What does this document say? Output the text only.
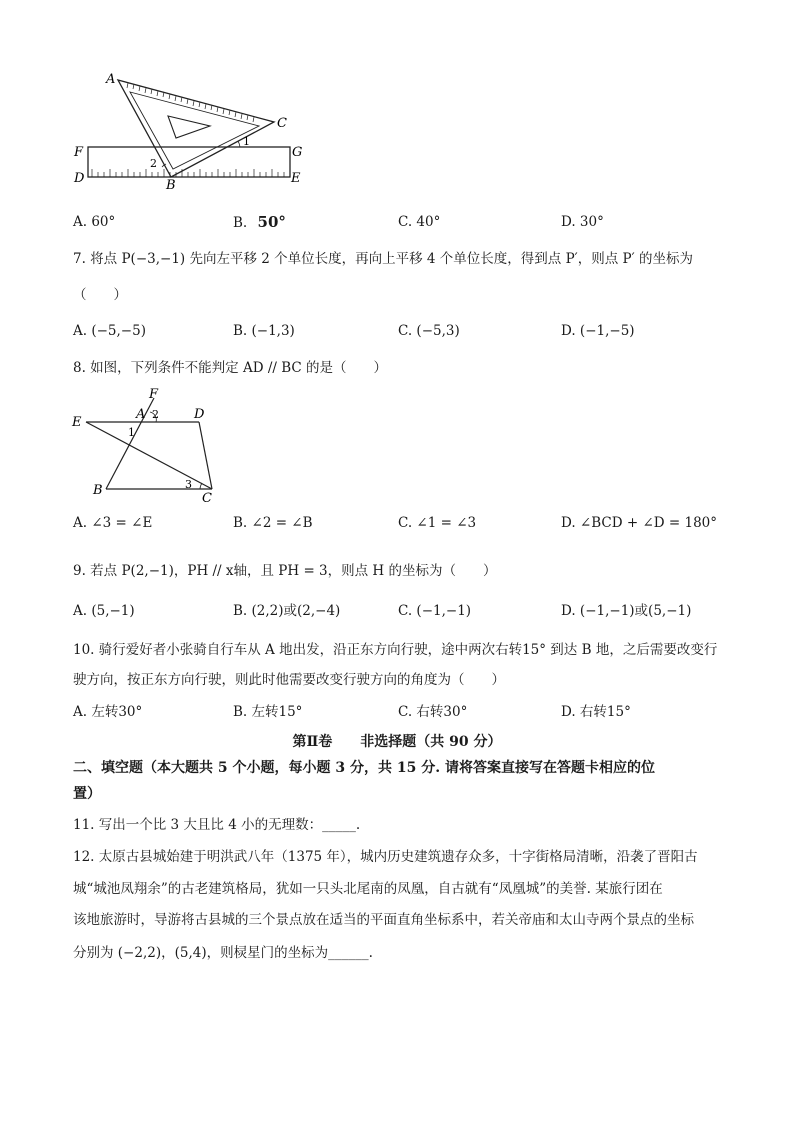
A
C
1
F	G
2
D	E
B
A. 60°	B. 50°	C. 40°	D. 30°
7. 将点 P(−3,−1) 先向左平移 2 个单位长度，再向上平移 4 个单位长度，得到点 P′，则点 P′ 的坐标为
（　　）
A. (−5,−5)	B. (−1,3)	C. (−5,3)	D. (−1,−5)
8. 如图，下列条件不能判定 AD // BC 的是（　　）
F
A 2	D
E
1
B	3
C
A. ∠3 = ∠E	B. ∠2 = ∠B	C. ∠1 = ∠3	D. ∠BCD + ∠D = 180°
9. 若点 P(2,−1)，PH // x轴，且 PH = 3，则点 H 的坐标为（　　）
A. (5,−1)	B. (2,2)或(2,−4)	C. (−1,−1)	D. (−1,−1)或(5,−1)
10. 骑行爱好者小张骑自行车从 A 地出发，沿正东方向行驶，途中两次右转15° 到达 B 地，之后需要改变行
驶方向，按正东方向行驶，则此时他需要改变行驶方向的角度为（　　）
A. 左转30°	B. 左转15°	C. 右转30°	D. 右转15°
第Ⅱ卷　　非选择题（共 90 分）
二、填空题（本大题共 5 个小题，每小题 3 分，共 15 分. 请将答案直接写在答题卡相应的位
置）
11. 写出一个比 3 大且比 4 小的无理数：_____.
12. 太原古县城始建于明洪武八年（1375 年），城内历史建筑遗存众多，十字街格局清晰，沿袭了晋阳古
城“城池凤翔余”的古老建筑格局，犹如一只头北尾南的凤凰，自古就有“凤凰城”的美誉. 某旅行团在
该地旅游时，导游将古县城的三个景点放在适当的平面直角坐标系中，若关帝庙和太山寺两个景点的坐标
分别为 (−2,2)，(5,4)，则棂星门的坐标为______.
